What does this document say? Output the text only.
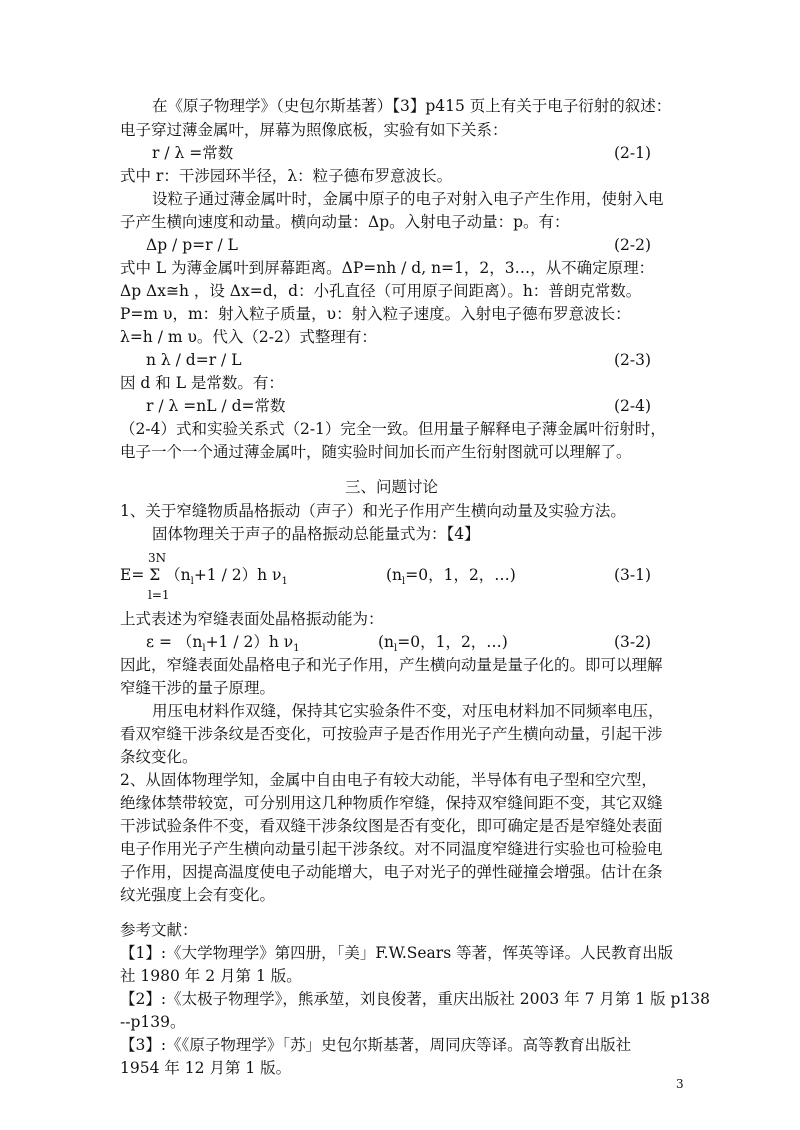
在《原子物理学》（史包尔斯基著）【3】p415 页上有关于电子衍射的叙述：
电子穿过薄金属叶，屏幕为照像底板，实验有如下关系：
r / λ =常数	(2-1)
式中 r：干涉园环半径，λ：粒子德布罗意波长。
设粒子通过薄金属叶时，金属中原子的电子对射入电子产生作用，使射入电
子产生横向速度和动量。横向动量：Δp。入射电子动量：p。有：
Δp / p=r / L	(2-2)
式中 L 为薄金属叶到屏幕距离。ΔP=nh / d, n=1，2，3…，从不确定原理：
Δp Δx≅h ，设 Δx=d，d：小孔直径（可用原子间距离）。h：普朗克常数。
P=m υ，m：射入粒子质量，υ：射入粒子速度。入射电子德布罗意波长：
λ=h / m υ。代入（2-2）式整理有：
n λ / d=r / L	(2-3)
因 d 和 L 是常数。有：
r / λ =nL / d=常数	(2-4)
（2-4）式和实验关系式（2-1）完全一致。但用量子解释电子薄金属叶衍射时，
电子一个一个通过薄金属叶，随实验时间加长而产生衍射图就可以理解了。
三、问题讨论
1、关于窄缝物质晶格振动（声子）和光子作用产生横向动量及实验方法。
固体物理关于声子的晶格振动总能量式为：【4】
3N
E= Σ $(n_l+1 / 2)h$ $\nu_1$	($n_l=0$，1，2，…)	(3-1)
l=1
上式表述为窄缝表面处晶格振动能为：
$\varepsilon = (n_l+1 / 2)h$ $\nu_1$	($n_l=0$，1，2，…)	(3-2)
因此，窄缝表面处晶格电子和光子作用，产生横向动量是量子化的。即可以理解
窄缝干涉的量子原理。
用压电材料作双缝，保持其它实验条件不变，对压电材料加不同频率电压，
看双窄缝干涉条纹是否变化，可按验声子是否作用光子产生横向动量，引起干涉
条纹变化。
2、从固体物理学知，金属中自由电子有较大动能，半导体有电子型和空穴型，
绝缘体禁带较宽，可分别用这几种物质作窄缝，保持双窄缝间距不变，其它双缝
干涉试验条件不变，看双缝干涉条纹图是否有变化，即可确定是否是窄缝处表面
电子作用光子产生横向动量引起干涉条纹。对不同温度窄缝进行实验也可检验电
子作用，因提高温度使电子动能增大，电子对光子的弹性碰撞会增强。估计在条
纹光强度上会有变化。
参考文献：
【1】:《大学物理学》第四册，「美」F.W.Sears 等著，恽英等译。人民教育出版
社 1980 年 2 月第 1 版。
【2】:《太极子物理学》，熊承堃，刘良俊著，重庆出版社 2003 年 7 月第 1 版 p138
--p139。
【3】:《《原子物理学》「苏」史包尔斯基著，周同庆等译。高等教育出版社
1954 年 12 月第 1 版。
3
